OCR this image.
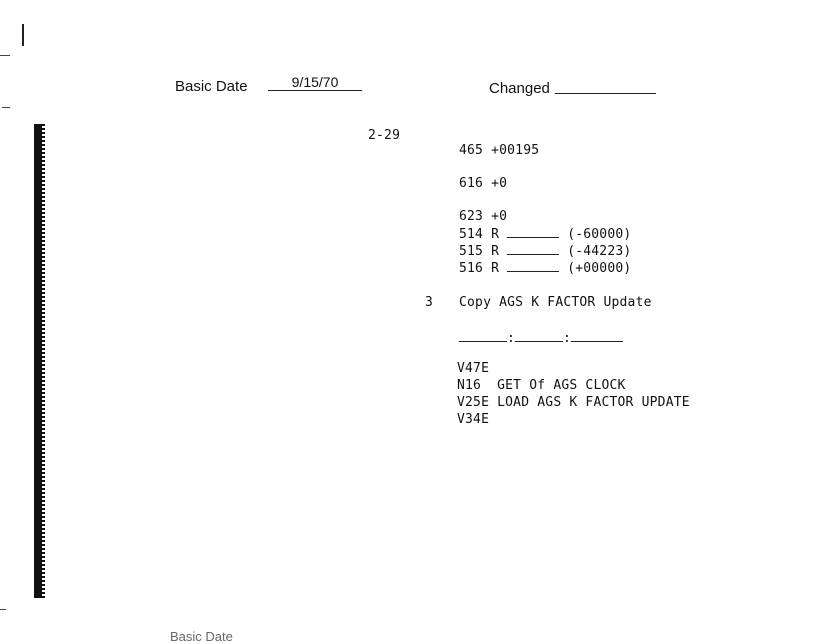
Basic Date	9/15/70	Changed
2-29
465 +00195
616 +0
623 +0
514 R	(-60000)
515 R	(-44223)
516 R	(+00000)
3 Copy AGS K FACTOR Update
:	:
V47E
N16  GET Of AGS CLOCK
V25E LOAD AGS K FACTOR UPDATE
V34E
Basic Date
